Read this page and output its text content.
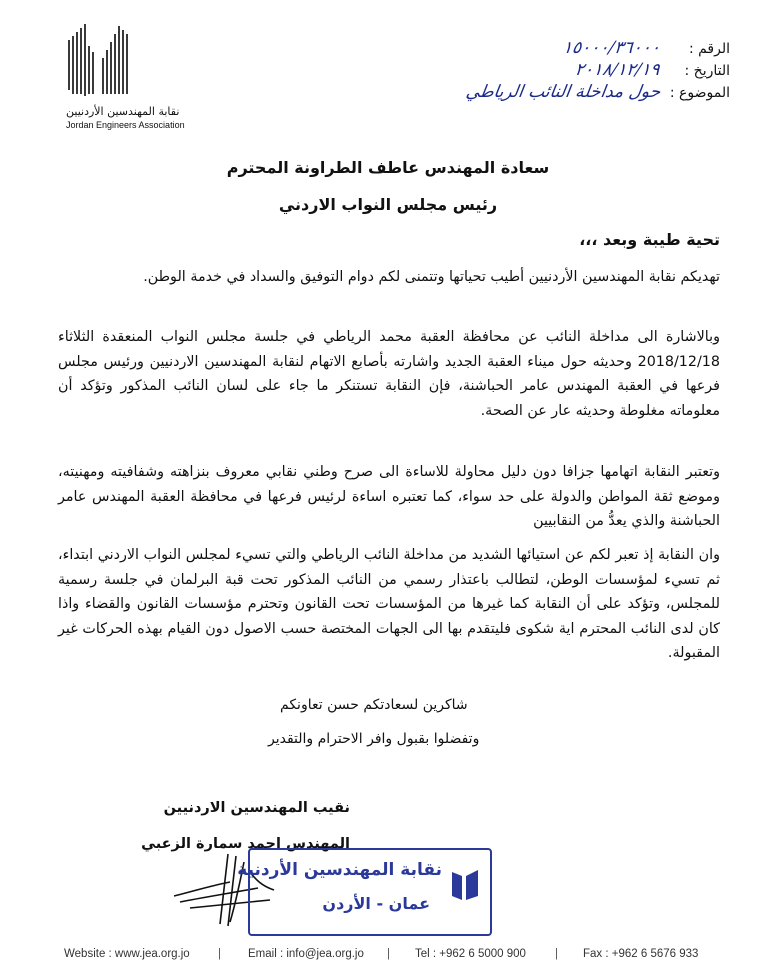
نقابة المهندسين الأردنيين
Jordan Engineers Association
الرقم :
١٥٠٠٠/٣٦٠٠٠
التاريخ :
٢٠١٨/١٢/١٩
الموضوع :
حول مداخلة النائب الرياطي
سعادة المهندس عاطف الطراونة المحترم
رئيس مجلس النواب الاردني
تحية طيبة وبعد ،،،
تهديكم نقابة المهندسين الأردنيين أطيب تحياتها وتتمنى لكم دوام التوفيق والسداد في خدمة الوطن.
وبالاشارة الى مداخلة النائب عن محافظة العقبة محمد الرياطي في جلسة مجلس النواب المنعقدة الثلاثاء 2018/12/18 وحديثه حول ميناء العقبة الجديد واشارته بأصابع الاتهام لنقابة المهندسين الاردنيين ورئيس مجلس فرعها في العقبة المهندس عامر الحباشنة، فإن النقابة تستنكر ما جاء على لسان النائب المذكور وتؤكد أن معلوماته مغلوطة وحديثه عار عن الصحة.
وتعتبر النقابة اتهامها جزافا دون دليل محاولة للاساءة الى صرح وطني نقابي معروف بنزاهته وشفافيته ومهنيته، وموضع ثقة المواطن والدولة على حد سواء، كما تعتبره اساءة لرئيس فرعها في محافظة العقبة المهندس عامر الحباشنة والذي يعدُّ من النقابيين
وان النقابة إذ تعبر لكم عن استيائها الشديد من مداخلة النائب الرياطي والتي تسيء لمجلس النواب الاردني ابتداء، ثم تسيء لمؤسسات الوطن، لتطالب باعتذار رسمي من النائب المذكور تحت قبة البرلمان في جلسة رسمية للمجلس، وتؤكد على أن النقابة كما غيرها من المؤسسات تحت القانون وتحترم مؤسسات القانون والقضاء واذا كان لدى النائب المحترم اية شكوى فليتقدم بها الى الجهات المختصة حسب الاصول دون القيام بهذه الحركات غير المقبولة.
شاكرين لسعادتكم حسن تعاونكم
وتفضلوا بقبول وافر الاحترام والتقدير
نقيب المهندسين الاردنيين
المهندس احمد سمارة الزعبي
نقابة المهندسين الأردنية
عمان - الأردن
Website : www.jea.org.jo | Email : info@jea.org.jo | Tel : +962 6 5000 900	| Fax : +962 6 5676 933
